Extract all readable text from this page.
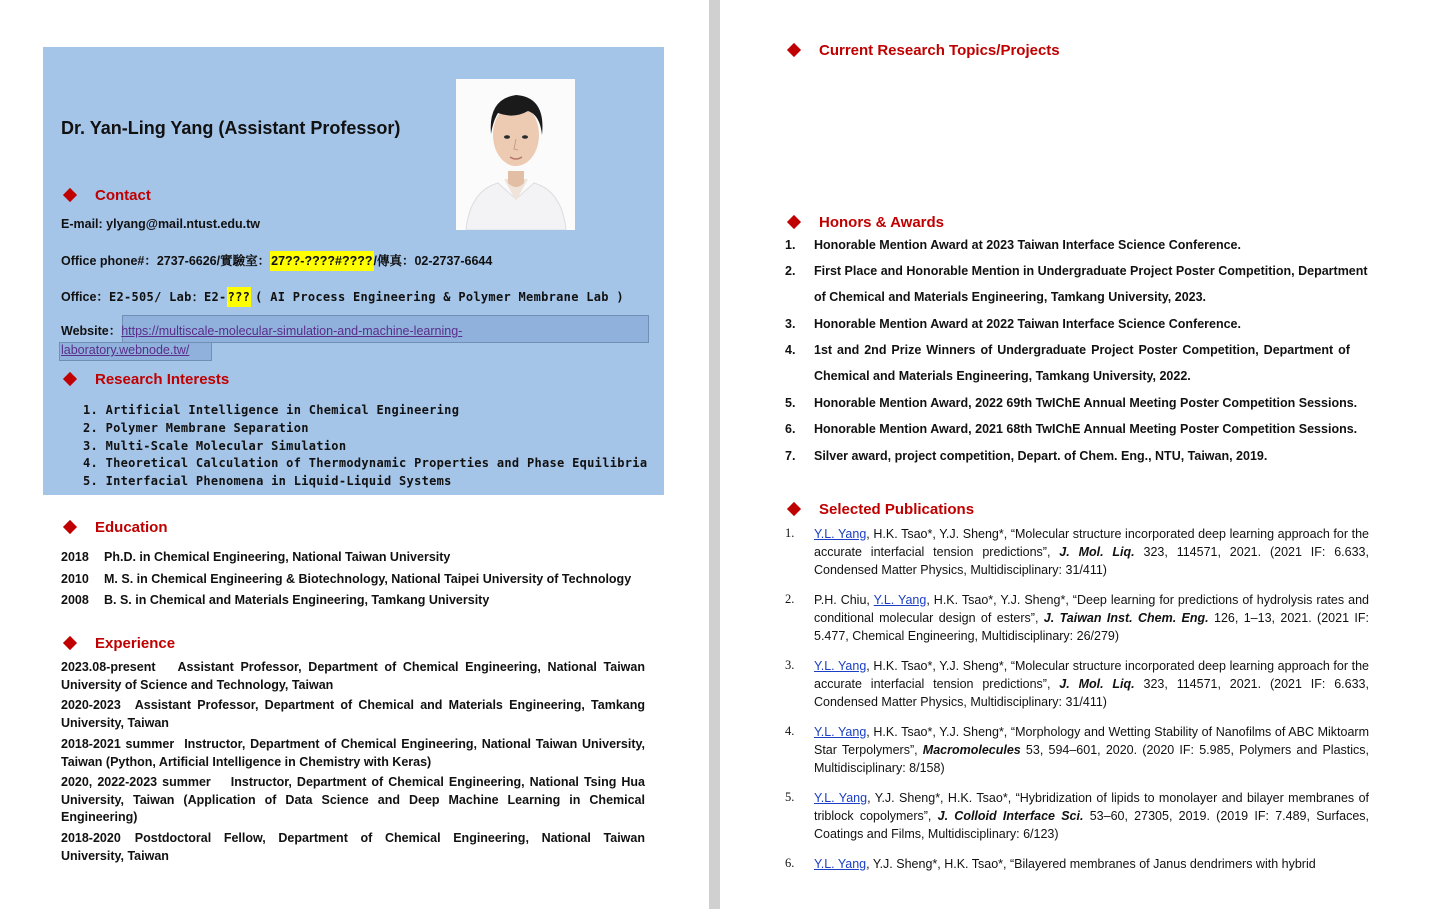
Dr. Yan-Ling Yang (Assistant Professor)
Contact
E-mail: ylyang@mail.ntust.edu.tw
Office phone#：2737-6626/實驗室：27??-????#????/傳真：02-2737-6644
Office：E2-505/ Lab：E2-??? ( AI Process Engineering & Polymer Membrane Lab )
Website：https://multiscale-molecular-simulation-and-machine-learning-
laboratory.webnode.tw/
Research Interests
1. Artificial Intelligence in Chemical Engineering
2. Polymer Membrane Separation
3. Multi-Scale Molecular Simulation
4. Theoretical Calculation of Thermodynamic Properties and Phase Equilibria
5. Interfacial Phenomena in Liquid-Liquid Systems
Education
2018 Ph.D. in Chemical Engineering, National Taiwan University
2010 M. S. in Chemical Engineering & Biotechnology, National Taipei University of Technology
2008 B. S. in Chemical and Materials Engineering, Tamkang University
Experience
2023.08-present Assistant Professor, Department of Chemical Engineering, National Taiwan University of Science and Technology, Taiwan
2020-2023 Assistant Professor, Department of Chemical and Materials Engineering, Tamkang University, Taiwan
2018-2021 summer Instructor, Department of Chemical Engineering, National Taiwan University, Taiwan (Python, Artificial Intelligence in Chemistry with Keras)
2020, 2022-2023 summer Instructor, Department of Chemical Engineering, National Tsing Hua University, Taiwan (Application of Data Science and Deep Machine Learning in Chemical Engineering)
2018-2020 Postdoctoral Fellow, Department of Chemical Engineering, National Taiwan University, Taiwan
Current Research Topics/Projects
Honors & Awards
1. Honorable Mention Award at 2023 Taiwan Interface Science Conference.
2. First Place and Honorable Mention in Undergraduate Project Poster Competition, Department
of Chemical and Materials Engineering, Tamkang University, 2023.
3. Honorable Mention Award at 2022 Taiwan Interface Science Conference.
4. 1st and 2nd Prize Winners of Undergraduate Project Poster Competition, Department of
Chemical and Materials Engineering, Tamkang University, 2022.
5. Honorable Mention Award, 2022 69th TwIChE Annual Meeting Poster Competition Sessions.
6. Honorable Mention Award, 2021 68th TwIChE Annual Meeting Poster Competition Sessions.
7. Silver award, project competition, Depart. of Chem. Eng., NTU, Taiwan, 2019.
Selected Publications
1. Y.L. Yang, H.K. Tsao*, Y.J. Sheng*, “Molecular structure incorporated deep learning approach for the accurate interfacial tension predictions”, J. Mol. Liq. 323, 114571, 2021. (2021 IF: 6.633, Condensed Matter Physics, Multidisciplinary: 31/411)
2. P.H. Chiu, Y.L. Yang, H.K. Tsao*, Y.J. Sheng*, “Deep learning for predictions of hydrolysis rates and conditional molecular design of esters”, J. Taiwan Inst. Chem. Eng. 126, 1–13, 2021. (2021 IF: 5.477, Chemical Engineering, Multidisciplinary: 26/279)
3. Y.L. Yang, H.K. Tsao*, Y.J. Sheng*, “Molecular structure incorporated deep learning approach for the accurate interfacial tension predictions”, J. Mol. Liq. 323, 114571, 2021. (2021 IF: 6.633, Condensed Matter Physics, Multidisciplinary: 31/411)
4. Y.L. Yang, H.K. Tsao*, Y.J. Sheng*, “Morphology and Wetting Stability of Nanofilms of ABC Miktoarm Star Terpolymers”, Macromolecules 53, 594–601, 2020. (2020 IF: 5.985, Polymers and Plastics, Multidisciplinary: 8/158)
5. Y.L. Yang, Y.J. Sheng*, H.K. Tsao*, “Hybridization of lipids to monolayer and bilayer membranes of triblock copolymers”, J. Colloid Interface Sci. 53–60, 27305, 2019. (2019 IF: 7.489, Surfaces, Coatings and Films, Multidisciplinary: 6/123)
6. Y.L. Yang, Y.J. Sheng*, H.K. Tsao*, “Bilayered membranes of Janus dendrimers with hybrid
